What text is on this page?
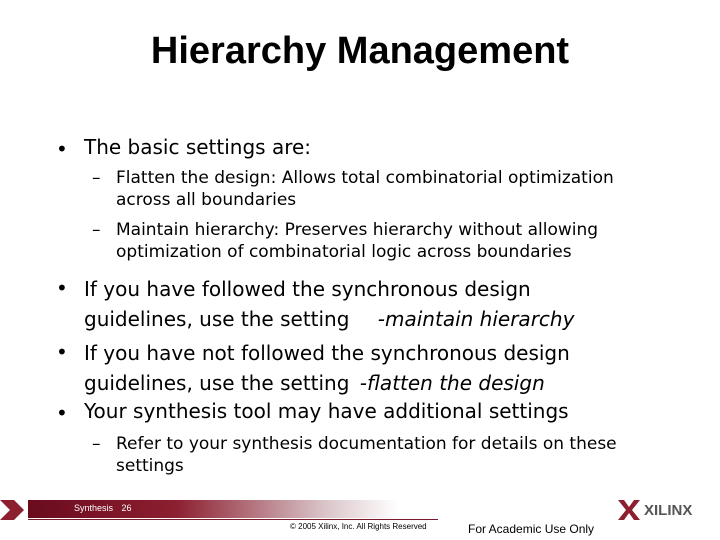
Hierarchy Management
• The basic settings are:
– Flatten the design: Allows total combinatorial optimization
across all boundaries
– Maintain hierarchy: Preserves hierarchy without allowing
optimization of combinatorial logic across boundaries
• If you have followed the synchronous design
guidelines, use the setting -maintain hierarchy
• If you have not followed the synchronous design
guidelines, use the setting -flatten the design
• Your synthesis tool may have additional settings
– Refer to your synthesis documentation for details on these
settings
Synthesis 26
© 2005 Xilinx, Inc. All Rights Reserved	For Academic Use Only
XILINX
